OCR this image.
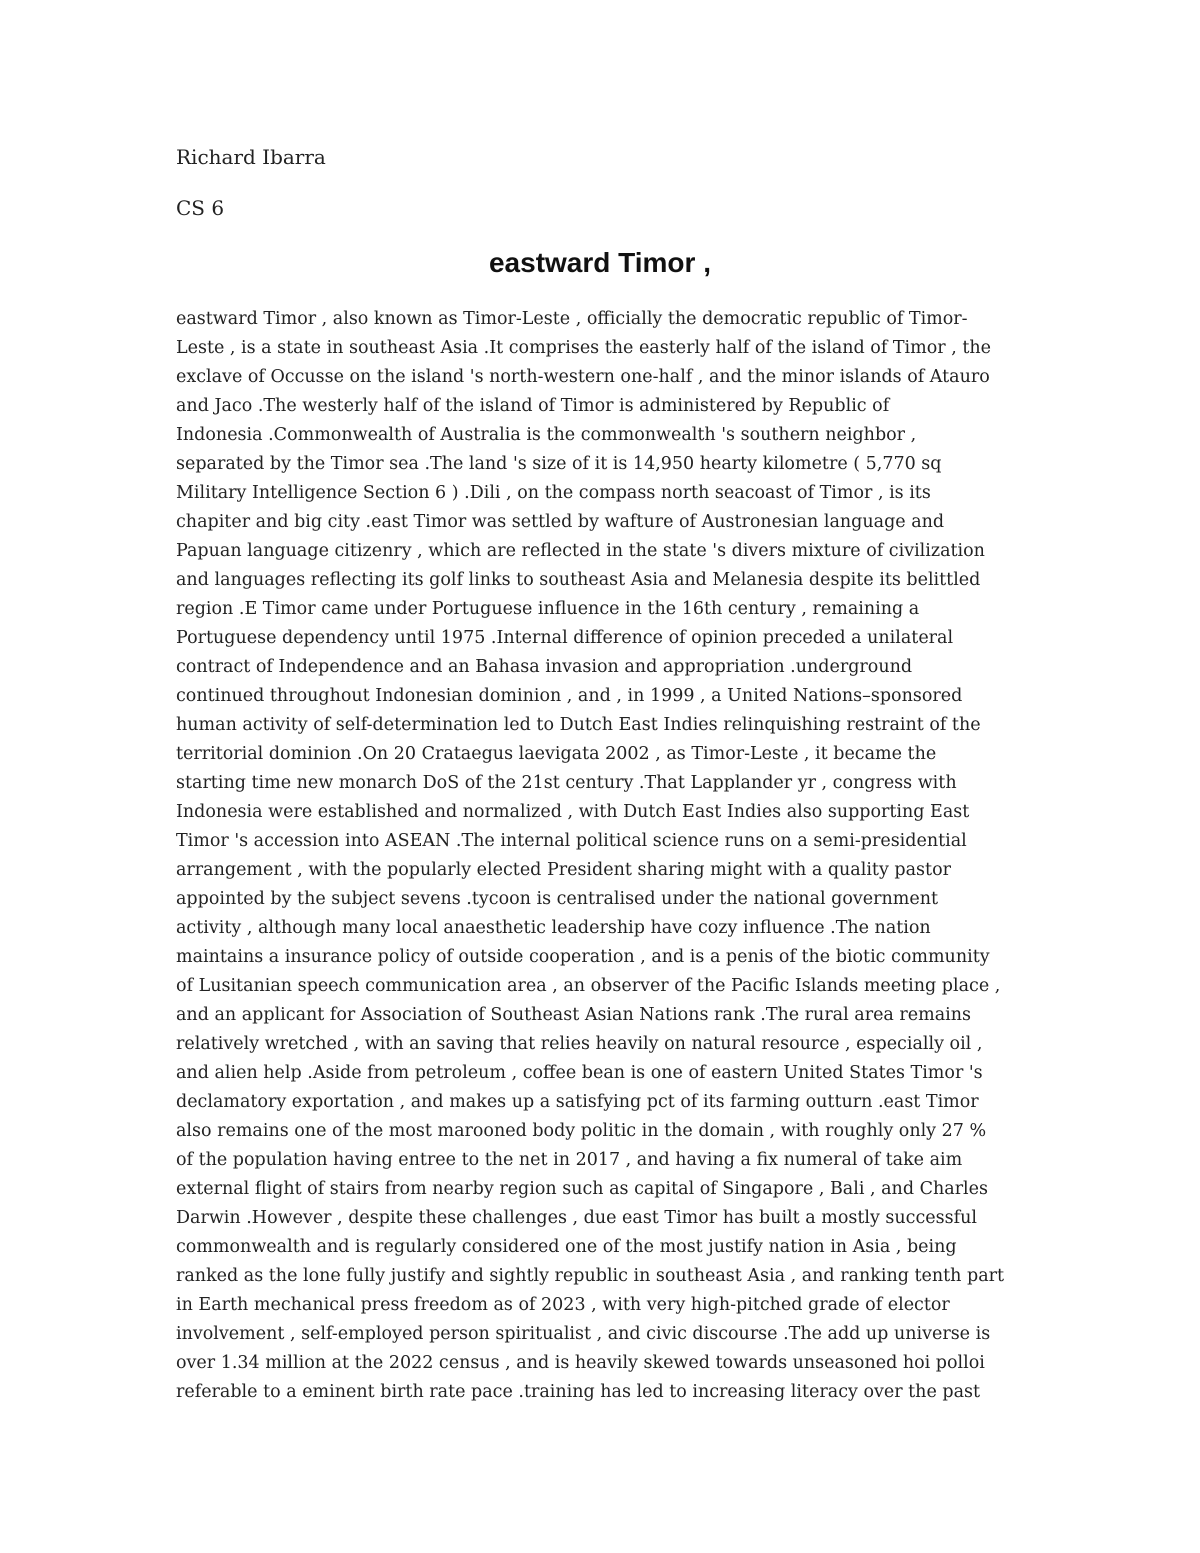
Richard Ibarra

CS 6

eastward Timor ,
eastward Timor , also known as Timor-Leste , officially the democratic republic of Timor-
Leste , is a state in southeast Asia .It comprises the easterly half of the island of Timor , the
exclave of Occusse on the island 's north-western one-half , and the minor islands of Atauro
and Jaco .The westerly half of the island of Timor is administered by Republic of
Indonesia .Commonwealth of Australia is the commonwealth 's southern neighbor ,
separated by the Timor sea .The land 's size of it is 14,950 hearty kilometre ( 5,770 sq
Military Intelligence Section 6 ) .Dili , on the compass north seacoast of Timor , is its
chapiter and big city .east Timor was settled by wafture of Austronesian language and
Papuan language citizenry , which are reflected in the state 's divers mixture of civilization
and languages reflecting its golf links to southeast Asia and Melanesia despite its belittled
region .E Timor came under Portuguese influence in the 16th century , remaining a
Portuguese dependency until 1975 .Internal difference of opinion preceded a unilateral
contract of Independence and an Bahasa invasion and appropriation .underground
continued throughout Indonesian dominion , and , in 1999 , a United Nations–sponsored
human activity of self-determination led to Dutch East Indies relinquishing restraint of the
territorial dominion .On 20 Crataegus laevigata 2002 , as Timor-Leste , it became the
starting time new monarch DoS of the 21st century .That Lapplander yr , congress with
Indonesia were established and normalized , with Dutch East Indies also supporting East
Timor 's accession into ASEAN .The internal political science runs on a semi-presidential
arrangement , with the popularly elected President sharing might with a quality pastor
appointed by the subject sevens .tycoon is centralised under the national government
activity , although many local anaesthetic leadership have cozy influence .The nation
maintains a insurance policy of outside cooperation , and is a penis of the biotic community
of Lusitanian speech communication area , an observer of the Pacific Islands meeting place ,
and an applicant for Association of Southeast Asian Nations rank .The rural area remains
relatively wretched , with an saving that relies heavily on natural resource , especially oil ,
and alien help .Aside from petroleum , coffee bean is one of eastern United States Timor 's
declamatory exportation , and makes up a satisfying pct of its farming outturn .east Timor
also remains one of the most marooned body politic in the domain , with roughly only 27 %
of the population having entree to the net in 2017 , and having a fix numeral of take aim
external flight of stairs from nearby region such as capital of Singapore , Bali , and Charles
Darwin .However , despite these challenges , due east Timor has built a mostly successful
commonwealth and is regularly considered one of the most justify nation in Asia , being
ranked as the lone fully justify and sightly republic in southeast Asia , and ranking tenth part
in Earth mechanical press freedom as of 2023 , with very high-pitched grade of elector
involvement , self-employed person spiritualist , and civic discourse .The add up universe is
over 1.34 million at the 2022 census , and is heavily skewed towards unseasoned hoi polloi
referable to a eminent birth rate pace .training has led to increasing literacy over the past
